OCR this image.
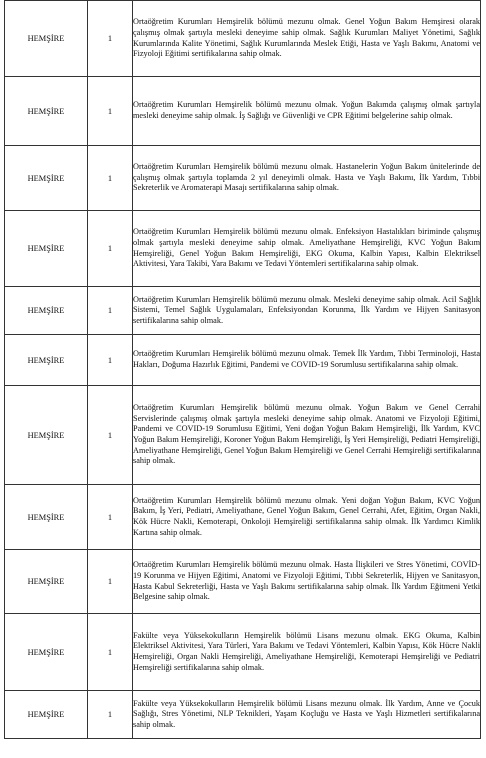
HEMŞİRE	1	Ortaöğretim Kurumları Hemşirelik bölümü mezunu olmak. Genel Yoğun Bakım Hemşiresi olarak çalışmış olmak şartıyla mesleki deneyime sahip olmak. Sağlık Kurumları Maliyet Yönetimi, Sağlık Kurumlarında Kalite Yönetimi, Sağlık Kurumlarında Meslek Etiği, Hasta ve Yaşlı Bakımı, Anatomi ve Fizyoloji Eğitimi sertifikalarına sahip olmak.
HEMŞİRE	1	Ortaöğretim Kurumları Hemşirelik bölümü mezunu olmak. Yoğun Bakımda çalışmış olmak şartıyla mesleki deneyime sahip olmak. İş Sağlığı ve Güvenliği ve CPR Eğitimi belgelerine sahip olmak.
HEMŞİRE	1	Ortaöğretim Kurumları Hemşirelik bölümü mezunu olmak. Hastanelerin Yoğun Bakım ünitelerinde de çalışmış olmak şartıyla toplamda 2 yıl deneyimli olmak. Hasta ve Yaşlı Bakımı, İlk Yardım, Tıbbi Sekreterlik ve Aromaterapi Masajı sertifikalarına sahip olmak.
HEMŞİRE	1	Ortaöğretim Kurumları Hemşirelik bölümü mezunu olmak. Enfeksiyon Hastalıkları biriminde çalışmış olmak şartıyla mesleki deneyime sahip olmak. Ameliyathane Hemşireliği, KVC Yoğun Bakım Hemşireliği, Genel Yoğun Bakım Hemşireliği, EKG Okuma, Kalbin Yapısı, Kalbin Elektriksel Aktivitesi, Yara Takibi, Yara Bakımı ve Tedavi Yöntemleri sertifikalarına sahip olmak.
HEMŞİRE	1	Ortaöğretim Kurumları Hemşirelik bölümü mezunu olmak. Mesleki deneyime sahip olmak. Acil Sağlık Sistemi, Temel Sağlık Uygulamaları, Enfeksiyondan Korunma, İlk Yardım ve Hijyen Sanitasyon sertifikalarına sahip olmak.
HEMŞİRE	1	Ortaöğretim Kurumları Hemşirelik bölümü mezunu olmak. Temek İlk Yardım, Tıbbi Terminoloji, Hasta Hakları, Doğuma Hazırlık Eğitimi, Pandemi ve COVID-19 Sorumlusu sertifikalarına sahip olmak.
HEMŞİRE	1	Ortaöğretim Kurumları Hemşirelik bölümü mezunu olmak. Yoğun Bakım ve Genel Cerrahi Servislerinde çalışmış olmak şartıyla mesleki deneyime sahip olmak. Anatomi ve Fizyoloji Eğitimi, Pandemi ve COVID-19 Sorumlusu Eğitimi, Yeni doğan Yoğun Bakım Hemşireliği, İlk Yardım, KVC Yoğun Bakım Hemşireliği, Koroner Yoğun Bakım Hemşireliği, İş Yeri Hemşireliği, Pediatri Hemşireliği, Ameliyathane Hemşireliği, Genel Yoğun Bakım Hemşireliği ve Genel Cerrahi Hemşireliği sertifikalarına sahip olmak.
HEMŞİRE	1	Ortaöğretim Kurumları Hemşirelik bölümü mezunu olmak. Yeni doğan Yoğun Bakım, KVC Yoğun Bakım, İş Yeri, Pediatri, Ameliyathane, Genel Yoğun Bakım, Genel Cerrahi, Afet, Eğitim, Organ Nakli, Kök Hücre Nakli, Kemoterapi, Onkoloji Hemşireliği sertifikalarına sahip olmak. İlk Yardımcı Kimlik Kartına sahip olmak.
HEMŞİRE	1	Ortaöğretim Kurumları Hemşirelik bölümü mezunu olmak. Hasta İlişkileri ve Stres Yönetimi, COVİD-19 Korunma ve Hijyen Eğitimi, Anatomi ve Fizyoloji Eğitimi, Tıbbi Sekreterlik, Hijyen ve Sanitasyon, Hasta Kabul Sekreterliği, Hasta ve Yaşlı Bakımı sertifikalarına sahip olmak. İlk Yardım Eğitmeni Yetki Belgesine sahip olmak.
HEMŞİRE	1	Fakülte veya Yüksekokulların Hemşirelik bölümü Lisans mezunu olmak. EKG Okuma, Kalbin Elektriksel Aktivitesi, Yara Türleri, Yara Bakımı ve Tedavi Yöntemleri, Kalbin Yapısı, Kök Hücre Nakli Hemşireliği, Organ Nakli Hemşireliği, Ameliyathane Hemşireliği, Kemoterapi Hemşireliği ve Pediatri Hemşireliği sertifikalarına sahip olmak.
HEMŞİRE	1	Fakülte veya Yüksekokulların Hemşirelik bölümü Lisans mezunu olmak. İlk Yardım, Anne ve Çocuk Sağlığı, Stres Yönetimi, NLP Teknikleri, Yaşam Koçluğu ve Hasta ve Yaşlı Hizmetleri sertifikalarına sahip olmak.
